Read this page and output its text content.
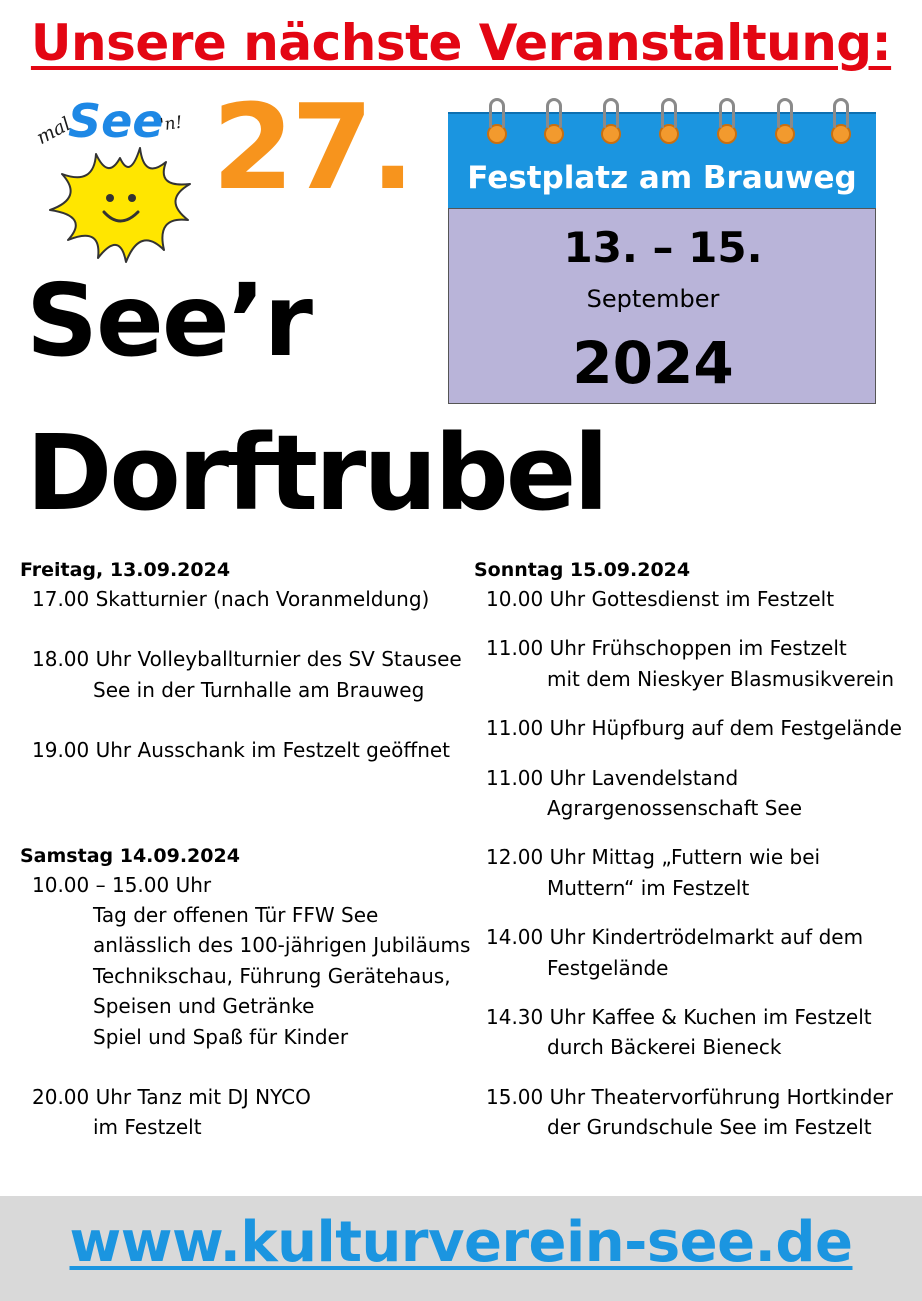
Unsere nächste Veranstaltung:
mal
See
'n! 27.
See’r
Dorftrubel
Festplatz am Brauweg
13. – 15.
September
2024
Freitag, 13.09.2024
17.00 Skatturnier (nach Voranmeldung)
18.00 Uhr Volleyballturnier des SV Stausee
See in der Turnhalle am Brauweg
19.00 Uhr Ausschank im Festzelt geöffnet
Samstag 14.09.2024
10.00 – 15.00 Uhr
Tag der offenen Tür FFW See
anlässlich des 100-jährigen Jubiläums
Technikschau, Führung Gerätehaus,
Speisen und Getränke
Spiel und Spaß für Kinder
20.00 Uhr Tanz mit DJ NYCO
im Festzelt
Sonntag 15.09.2024
10.00 Uhr Gottesdienst im Festzelt
11.00 Uhr Frühschoppen im Festzelt
mit dem Nieskyer Blasmusikverein
11.00 Uhr Hüpfburg auf dem Festgelände
11.00 Uhr Lavendelstand
Agrargenossenschaft See
12.00 Uhr Mittag „Futtern wie bei
Muttern“ im Festzelt
14.00 Uhr Kindertrödelmarkt auf dem
Festgelände
14.30 Uhr Kaffee & Kuchen im Festzelt
durch Bäckerei Bieneck
15.00 Uhr Theatervorführung Hortkinder
der Grundschule See im Festzelt
www.kulturverein-see.de
